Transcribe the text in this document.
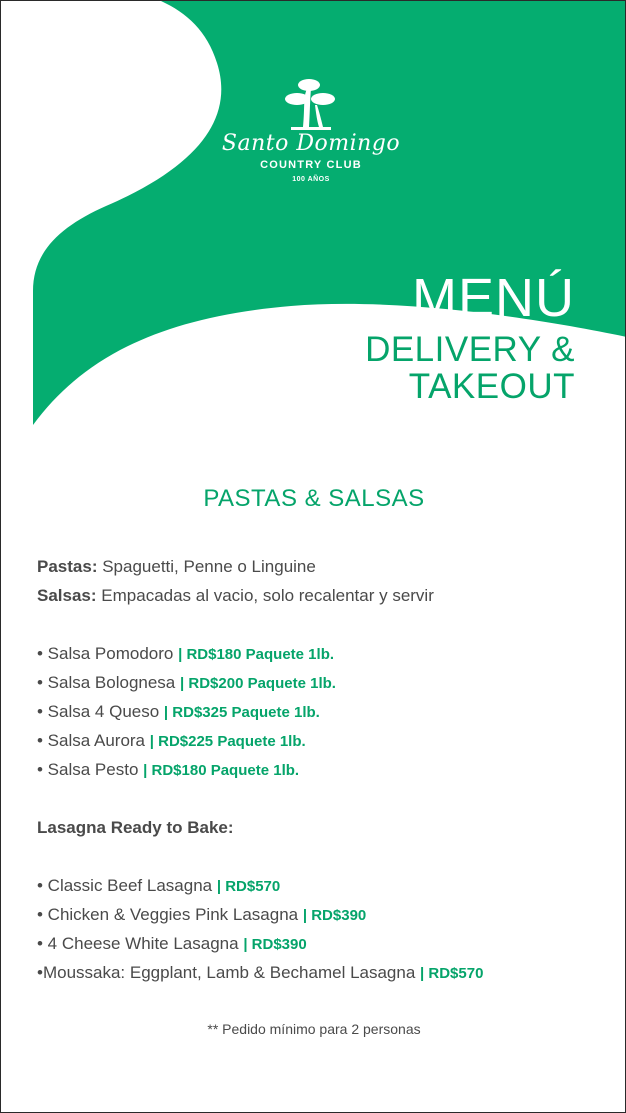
Santo Domingo
COUNTRY CLUB
100 AÑOS
MENÚ
DELIVERY &
TAKEOUT
PASTAS & SALSAS
Pastas: Spaguetti, Penne o Linguine
Salsas: Empacadas al vacio, solo recalentar y servir
• Salsa Pomodoro | RD$180 Paquete 1lb.
• Salsa Bolognesa | RD$200 Paquete 1lb.
• Salsa 4 Queso | RD$325 Paquete 1lb.
• Salsa Aurora | RD$225 Paquete 1lb.
• Salsa Pesto | RD$180 Paquete 1lb.
Lasagna Ready to Bake:
• Classic Beef Lasagna | RD$570
• Chicken & Veggies Pink Lasagna | RD$390
• 4 Cheese White Lasagna | RD$390
•Moussaka: Eggplant, Lamb & Bechamel Lasagna | RD$570
** Pedido mínimo para 2 personas
